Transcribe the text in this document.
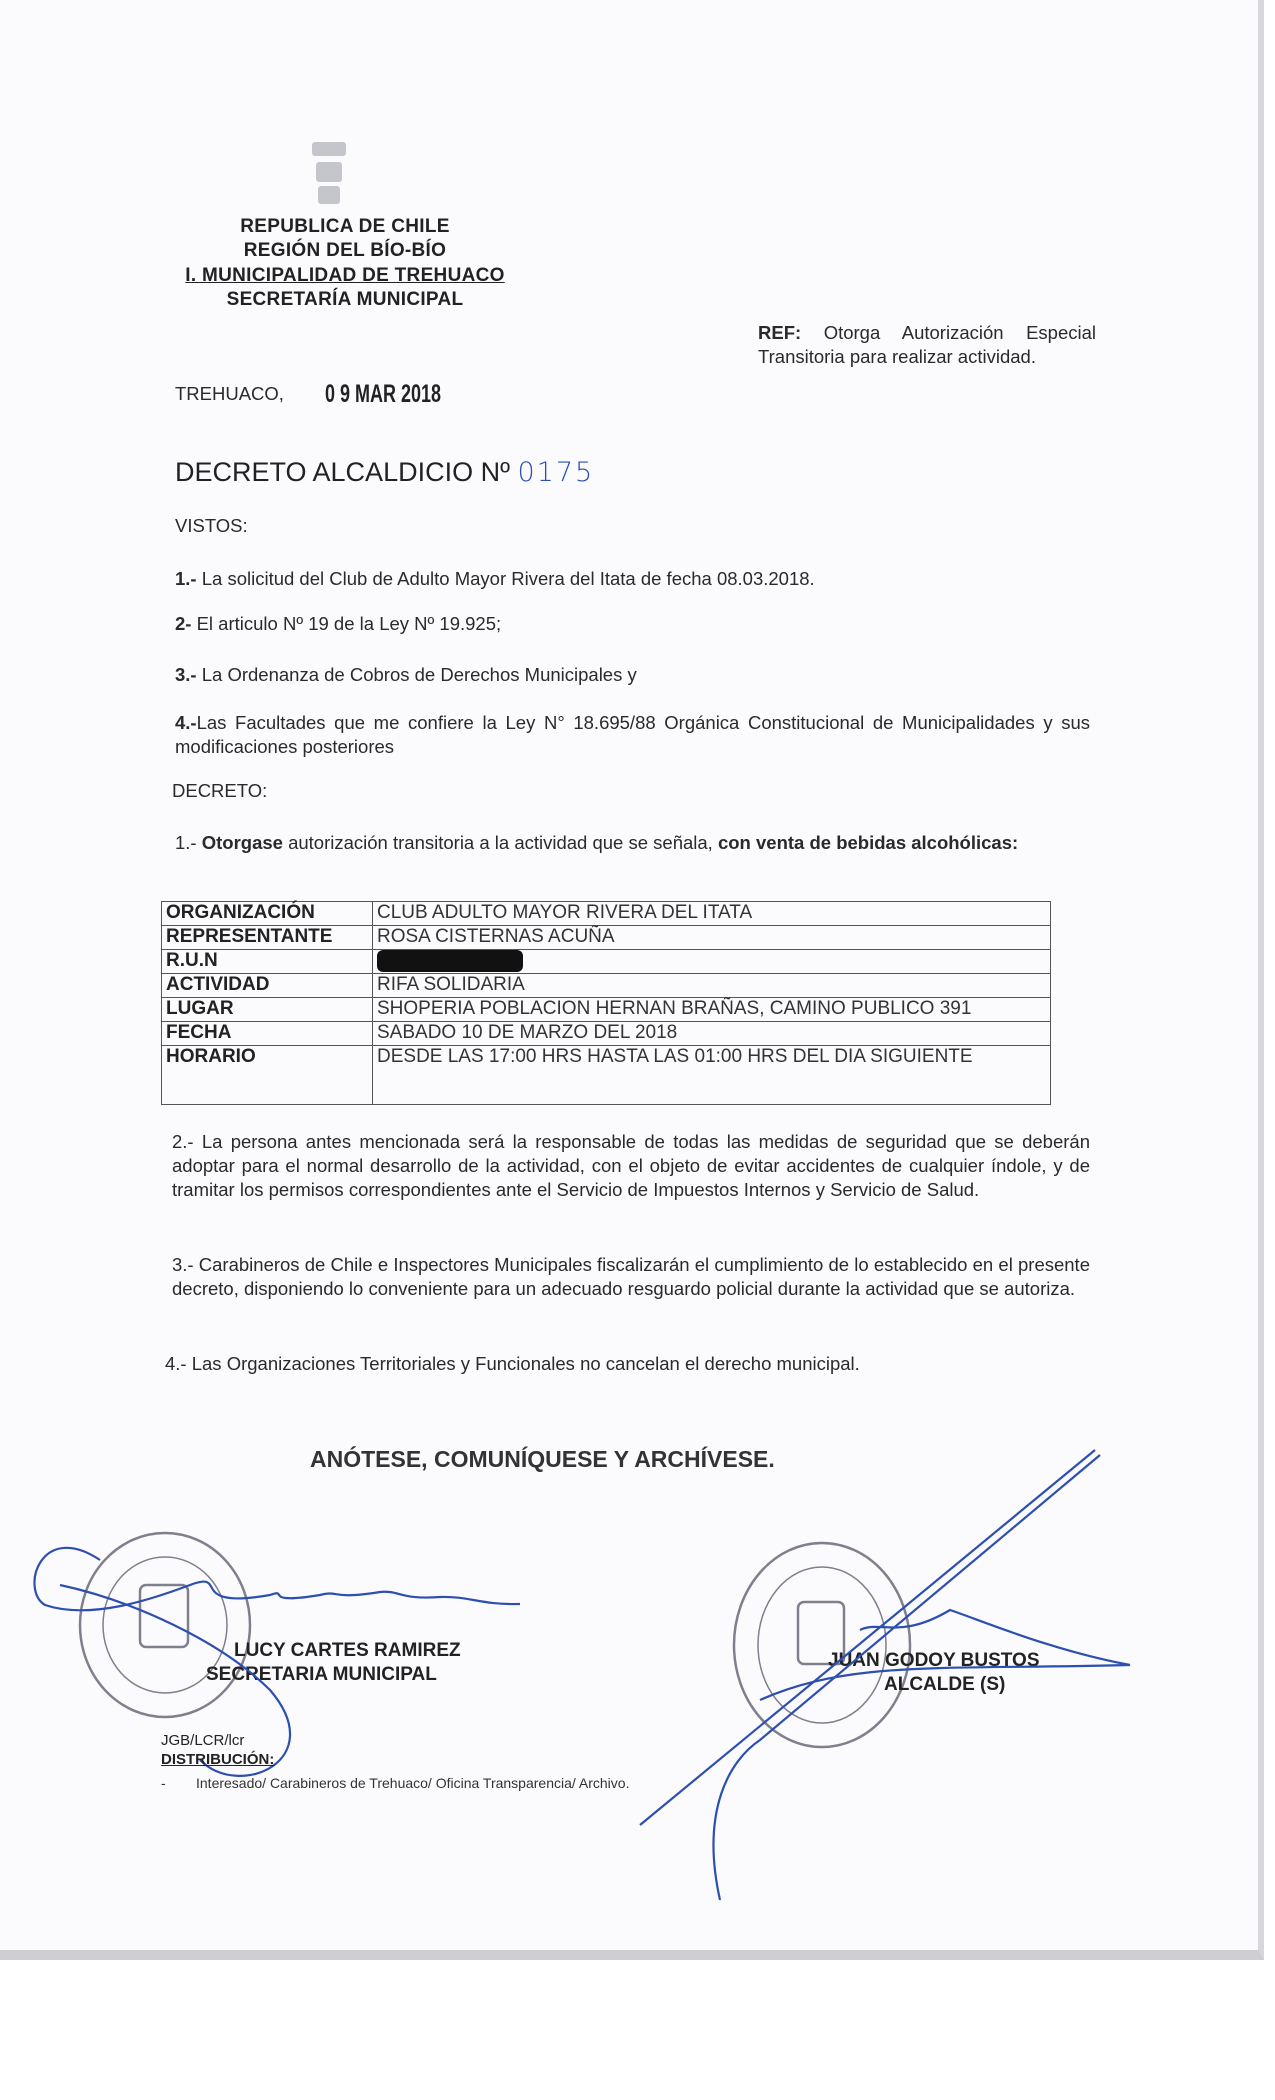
REPUBLICA DE CHILE
REGIÓN DEL BÍO-BÍO
I. MUNICIPALIDAD DE TREHUACO
SECRETARÍA MUNICIPAL
REF: Otorga Autorización Especial
Transitoria para realizar actividad.
TREHUACO, 0 9 MAR 2018
DECRETO ALCALDICIO Nº 0175
VISTOS:
1.- La solicitud del Club de Adulto Mayor Rivera del Itata de fecha 08.03.2018.
2- El articulo Nº 19 de la Ley Nº 19.925;
3.- La Ordenanza de Cobros de Derechos Municipales y
4.-Las Facultades que me confiere la Ley N° 18.695/88 Orgánica Constitucional de Municipalidades y sus modificaciones posteriores
DECRETO:
1.- Otorgase autorización transitoria a la actividad que se señala, con venta de bebidas alcohólicas:
ORGANIZACIÓN	CLUB ADULTO MAYOR RIVERA DEL ITATA
REPRESENTANTE	ROSA CISTERNAS ACUÑA
R.U.N	
ACTIVIDAD	RIFA SOLIDARIA
LUGAR	SHOPERIA POBLACION HERNAN BRAÑAS, CAMINO PUBLICO 391
FECHA	SABADO 10 DE MARZO DEL 2018
HORARIO	DESDE LAS 17:00 HRS HASTA LAS 01:00 HRS DEL DIA SIGUIENTE
2.- La persona antes mencionada será la responsable de todas las medidas de seguridad que se deberán adoptar para el normal desarrollo de la actividad, con el objeto de evitar accidentes de cualquier índole, y de tramitar los permisos correspondientes ante el Servicio de Impuestos Internos y Servicio de Salud.
3.- Carabineros de Chile e Inspectores Municipales fiscalizarán el cumplimiento de lo establecido en el presente decreto, disponiendo lo conveniente para un adecuado resguardo policial durante la actividad que se autoriza.
4.- Las Organizaciones Territoriales y Funcionales no cancelan el derecho municipal.
ANÓTESE, COMUNÍQUESE Y ARCHÍVESE.
LUCY CARTES RAMIREZ
SECRETARIA MUNICIPAL
JUAN GODOY BUSTOS
ALCALDE (S)
JGB/LCR/lcr
DISTRIBUCIÓN:
- Interesado/ Carabineros de Trehuaco/ Oficina Transparencia/ Archivo.
